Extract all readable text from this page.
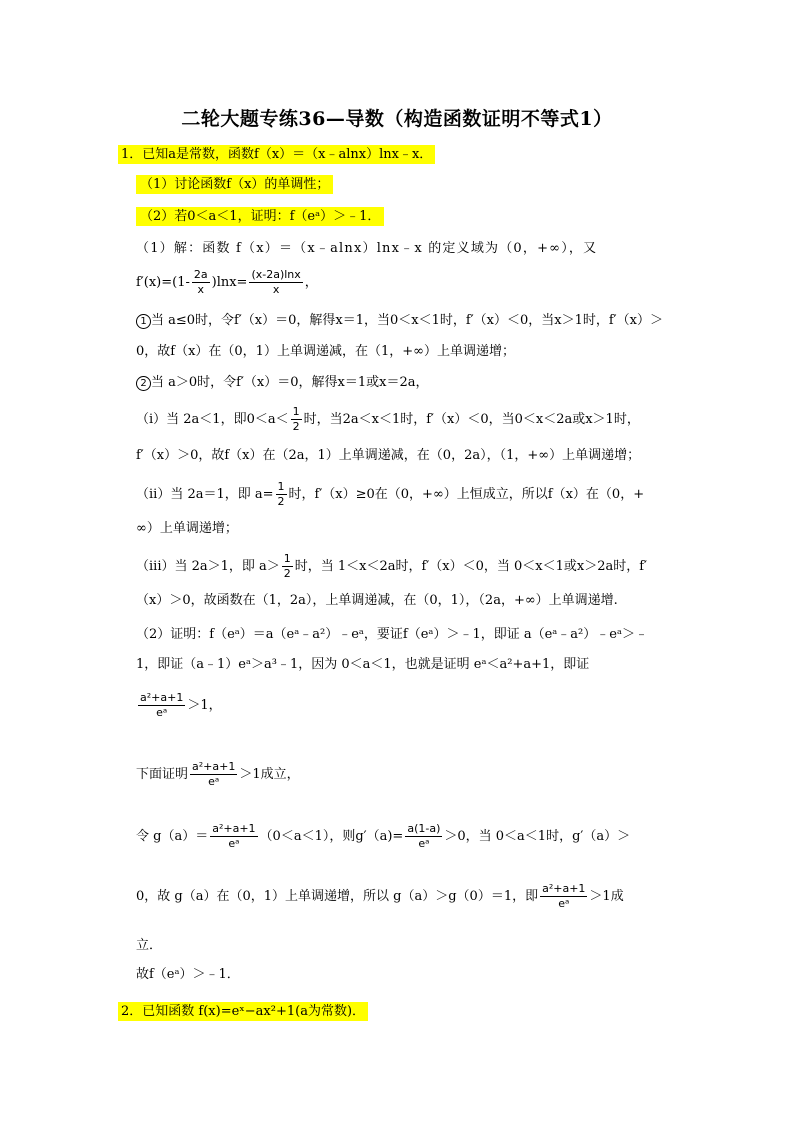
二轮大题专练36—导数（构造函数证明不等式1）
1．已知a是常数，函数f（x）＝（x﹣alnx）lnx﹣x．
（1）讨论函数f（x）的单调性；
（2）若0＜a＜1，证明：f（eᵃ）＞﹣1．
（1）解：函数 f（x）＝（x﹣alnx）lnx﹣x 的定义域为（0，+∞），又
$f'(x)=(1- \frac{2a}{x} )\ln x= \frac{(x-2a)\ln x}{x}$ ，
1 当 a≤0时，令f′（x）＝0，解得x＝1，当0＜x＜1时，f′（x）＜0，当x＞1时，f′（x）＞
0，故f（x）在（0，1）上单调递减，在（1，+∞）上单调递增；
2 当 a＞0时，令f′（x）＝0，解得x＝1或x＝2a，
（i）当 2a＜1，即$0<a< \frac{1}{2}$ 时，当2a＜x＜1时，f′（x）＜0，当0＜x＜2a或x＞1时，
f′（x）＞0，故f（x）在（2a，1）上单调递减，在（0，2a），（1，+∞）上单调递增；
（ii）当 2a＝1，即 $a= \frac{1}{2}$ 时，f′（x）≥0在（0，+∞）上恒成立，所以f（x）在（0，+
∞）上单调递增；
（iii）当 2a＞1，即 $a> \frac{1}{2}$ 时，当 1＜x＜2a时，f′（x）＜0，当 0＜x＜1或x＞2a时，f′
（x）＞0，故函数在（1，2a），上单调递减，在（0，1），（2a，+∞）上单调递增.
（2）证明：f（eᵃ）＝a（eᵃ﹣a²）﹣eᵃ，要证f（eᵃ）＞﹣1，即证 a（eᵃ﹣a²）﹣eᵃ＞﹣
1，即证（a﹣1）eᵃ＞a³﹣1，因为 0＜a＜1，也就是证明 eᵃ＜a²+a+1，即证
$\frac{\text{a²+a+1}}{\text{eᵃ}} >1$，
下面证明 $\frac{\text{a²+a+1}}{\text{eᵃ}} >1$成立，
令 $g(a)= \frac{\text{a²+a+1}}{\text{eᵃ}} (0<a<1)$，则$g'(a)= \frac{a(1-a)}{\text{eᵃ}} >0$，当 0＜a＜1时，g′（a）＞
0，故 g（a）在（0，1）上单调递增，所以 g（a）＞g（0）＝1，即 $\frac{\text{a²+a+1}}{\text{eᵃ}} >1$成
立．
故f（eᵃ）＞﹣1．
2．已知函数 f(x)=eˣ−ax²+1(a为常数)．
